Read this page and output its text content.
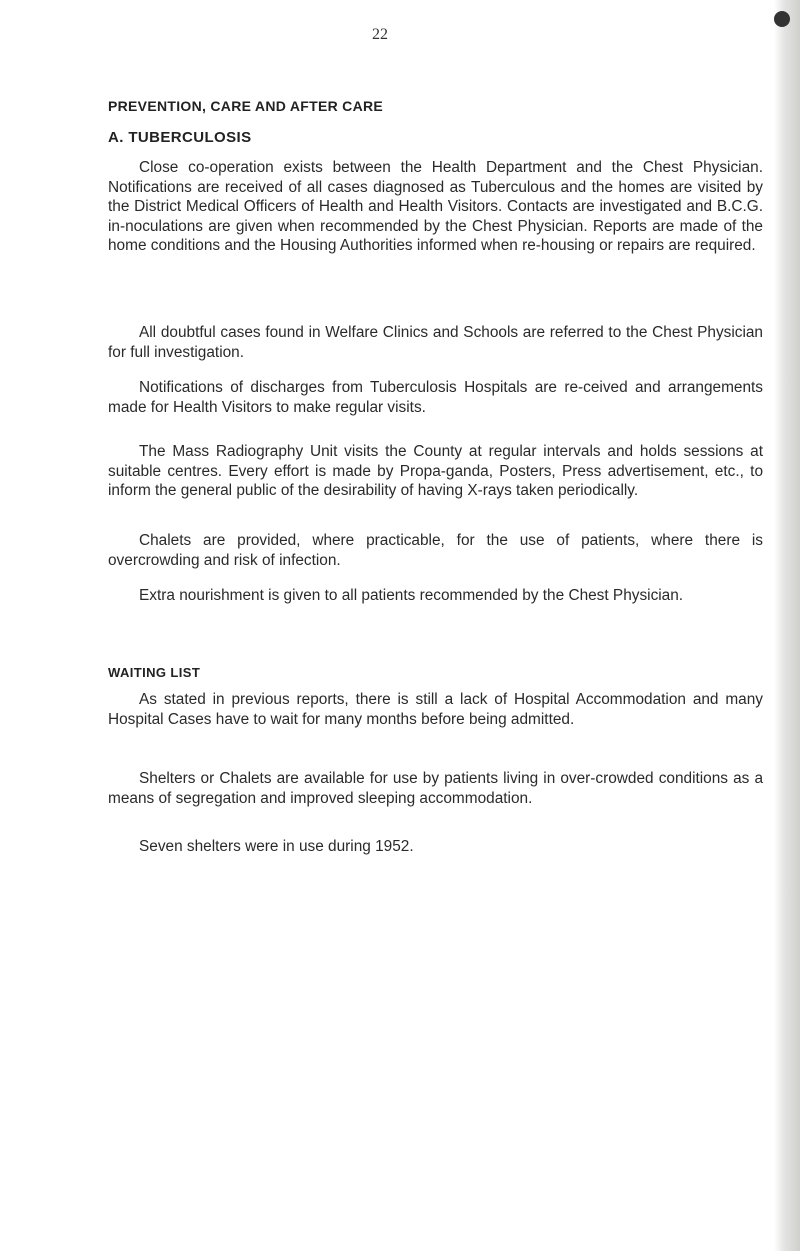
22
PREVENTION, CARE AND AFTER CARE
A. TUBERCULOSIS

Close co-operation exists between the Health Department and the Chest Physician. Notifications are received of all cases diagnosed as Tuberculous and the homes are visited by the District Medical Officers of Health and Health Visitors. Contacts are investigated and B.C.G. in-noculations are given when recommended by the Chest Physician. Reports are made of the home conditions and the Housing Authorities informed when re-housing or repairs are required.

All doubtful cases found in Welfare Clinics and Schools are referred to the Chest Physician for full investigation.

Notifications of discharges from Tuberculosis Hospitals are re-ceived and arrangements made for Health Visitors to make regular visits.

The Mass Radiography Unit visits the County at regular intervals and holds sessions at suitable centres. Every effort is made by Propa-ganda, Posters, Press advertisement, etc., to inform the general public of the desirability of having X-rays taken periodically.

Chalets are provided, where practicable, for the use of patients, where there is overcrowding and risk of infection.

Extra nourishment is given to all patients recommended by the Chest Physician.

WAITING LIST

As stated in previous reports, there is still a lack of Hospital Accommodation and many Hospital Cases have to wait for many months before being admitted.

Shelters or Chalets are available for use by patients living in over-crowded conditions as a means of segregation and improved sleeping accommodation.

Seven shelters were in use during 1952.
